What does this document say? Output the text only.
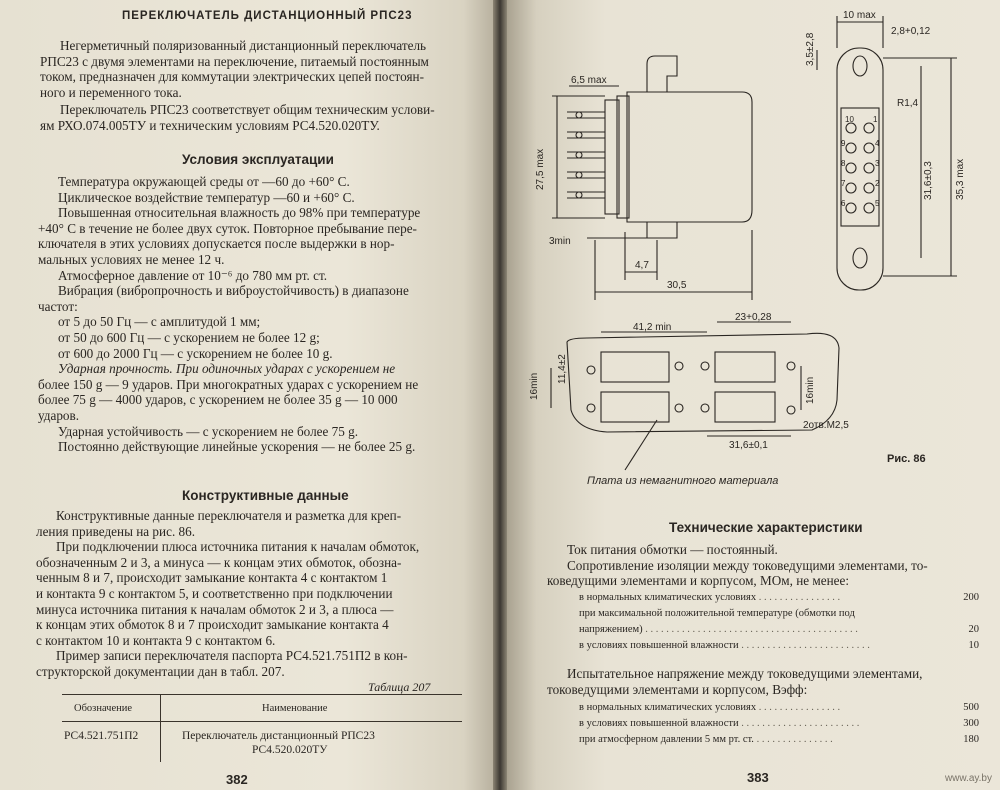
ПЕРЕКЛЮЧАТЕЛЬ ДИСТАНЦИОННЫЙ РПС23
Негерметичный поляризованный дистанционный переключатель
РПС23 с двумя элементами на переключение, питаемый постоянным
током, предназначен для коммутации электрических цепей постоян-
ного и переменного тока.
Переключатель РПС23 соответствует общим техническим услови-
ям РХО.074.005ТУ и техническим условиям РС4.520.020ТУ.
Условия эксплуатации
Температура окружающей среды от —60 до +60° С.
Циклическое воздействие температур —60 и +60° С.
Повышенная относительная влажность до 98% при температуре
+40° С в течение не более двух суток. Повторное пребывание пере-
ключателя в этих условиях допускается после выдержки в нор-
мальных условиях не менее 12 ч.
Атмосферное давление от 10⁻⁶ до 780 мм рт. ст.
Вибрация (вибропрочность и виброустойчивость) в диапазоне
частот:
от 5 до 50 Гц — с амплитудой 1 мм;
от 50 до 600 Гц — с ускорением не более 12 g;
от 600 до 2000 Гц — с ускорением не более 10 g.
Ударная прочность. При одиночных ударах с ускорением не
более 150 g — 9 ударов. При многократных ударах с ускорением не
более 75 g — 4000 ударов, с ускорением не более 35 g — 10 000
ударов.
Ударная устойчивость — с ускорением не более 75 g.
Постоянно действующие линейные ускорения — не более 25 g.
Конструктивные данные
Конструктивные данные переключателя и разметка для креп-
ления приведены на рис. 86.
При подключении плюса источника питания к началам обмоток,
обозначенным 2 и 3, а минуса — к концам этих обмоток, обозна-
ченным 8 и 7, происходит замыкание контакта 4 с контактом 1
и контакта 9 с контактом 5, и соответственно при подключении
минуса источника питания к началам обмоток 2 и 3, а плюса —
к концам этих обмоток 8 и 7 происходит замыкание контакта 4
с контактом 10 и контакта 9 с контактом 6.
Пример записи переключателя паспорта РС4.521.751П2 в кон-
структорской документации дан в табл. 207.
Таблица 207
Обозначение	Наименование
РС4.521.751П2	Переключатель дистанционный РПС23
РС4.520.020ТУ
382
6,5 max
27,5 max
3min
4,7
30,5
10 max
2,8+0,12
3,5±2,8
R1,4
31,6±0,3 35,3 max
41,2 min
23+0,28
16min
11,4±2
16min
31,6±0,1
2отв.М2,5
Плата из немагнитного материала
Рис. 86
10 1
9	4
8	3
7	2
6	5
Технические характеристики
Ток питания обмотки — постоянный.
Сопротивление изоляции между токоведущими элементами, то-
коведущими элементами и корпусом, МОм, не менее:
в нормальных климатических условиях . . . . . . . . . . . . . . . .	200
при максимальной положительной температуре (обмотки под
напряжением) . . . . . . . . . . . . . . . . . . . . . . . . . . . . . . . . . . . . . . . . .	20
в условиях повышенной влажности . . . . . . . . . . . . . . . . . . . . . . . . .	10
Испытательное напряжение между токоведущими элементами,
токоведущими элементами и корпусом, Вэфф:
в нормальных климатических условиях . . . . . . . . . . . . . . . .	500
в условиях повышенной влажности . . . . . . . . . . . . . . . . . . . . . . .	300
при атмосферном давлении 5 мм рт. ст. . . . . . . . . . . . . . . .	180
383	www.ay.by
